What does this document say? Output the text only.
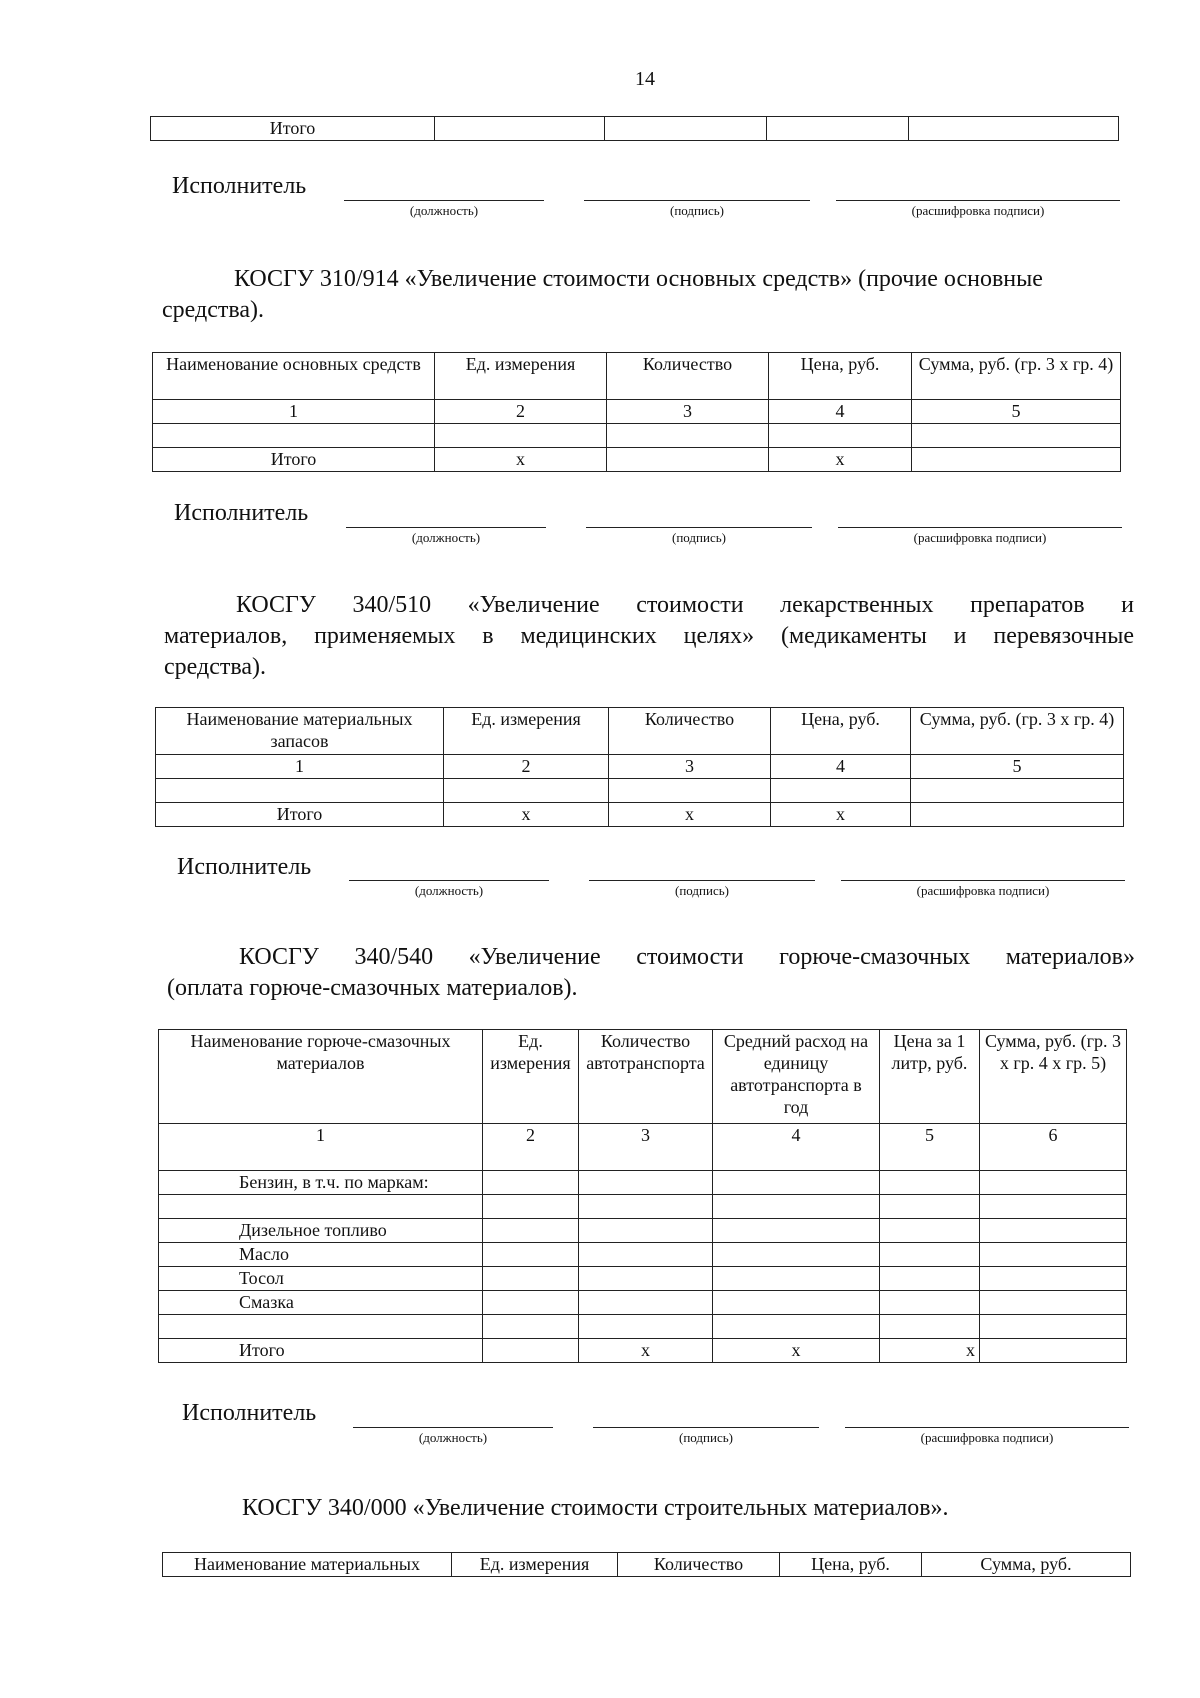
14
Итого				
Исполнитель
(должность)	(подпись)	(расшифровка подписи)
КОСГУ 310/914 «Увеличение стоимости основных средств» (прочие основные
средства).
Наименование основных средств	Ед. измерения	Количество	Цена, руб.	Сумма, руб. (гр. 3 х гр. 4)
1	2	3	4	5

Итого	х		х	
Исполнитель
(должность)	(подпись)	(расшифровка подписи)
КОСГУ 340/510 «Увеличение стоимости лекарственных препаратов и
материалов, применяемых в медицинских целях» (медикаменты и перевязочные
средства).
Наименование материальных запасов	Ед. измерения	Количество	Цена, руб.	Сумма, руб. (гр. 3 х гр. 4)
1	2	3	4	5

Итого	х	х	х	
Исполнитель
(должность)	(подпись)	(расшифровка подписи)
КОСГУ 340/540 «Увеличение стоимости горюче-смазочных материалов»
(оплата горюче-смазочных материалов).
Наименование горюче-смазочных материалов	Ед. измерения	Количество автотранспорта	Средний расход на единицу автотранспорта в год	Цена за 1 литр, руб.	Сумма, руб. (гр. 3 х гр. 4 х гр. 5)
1	2	3	4	5	6
Бензин, в т.ч. по маркам:					

Дизельное топливо					
Масло					
Тосол					
Смазка					

Итого		х	х	х	
Исполнитель
(должность)	(подпись)	(расшифровка подписи)
КОСГУ 340/000 «Увеличение стоимости строительных материалов».
Наименование материальных	Ед. измерения	Количество	Цена, руб.	Сумма, руб.
